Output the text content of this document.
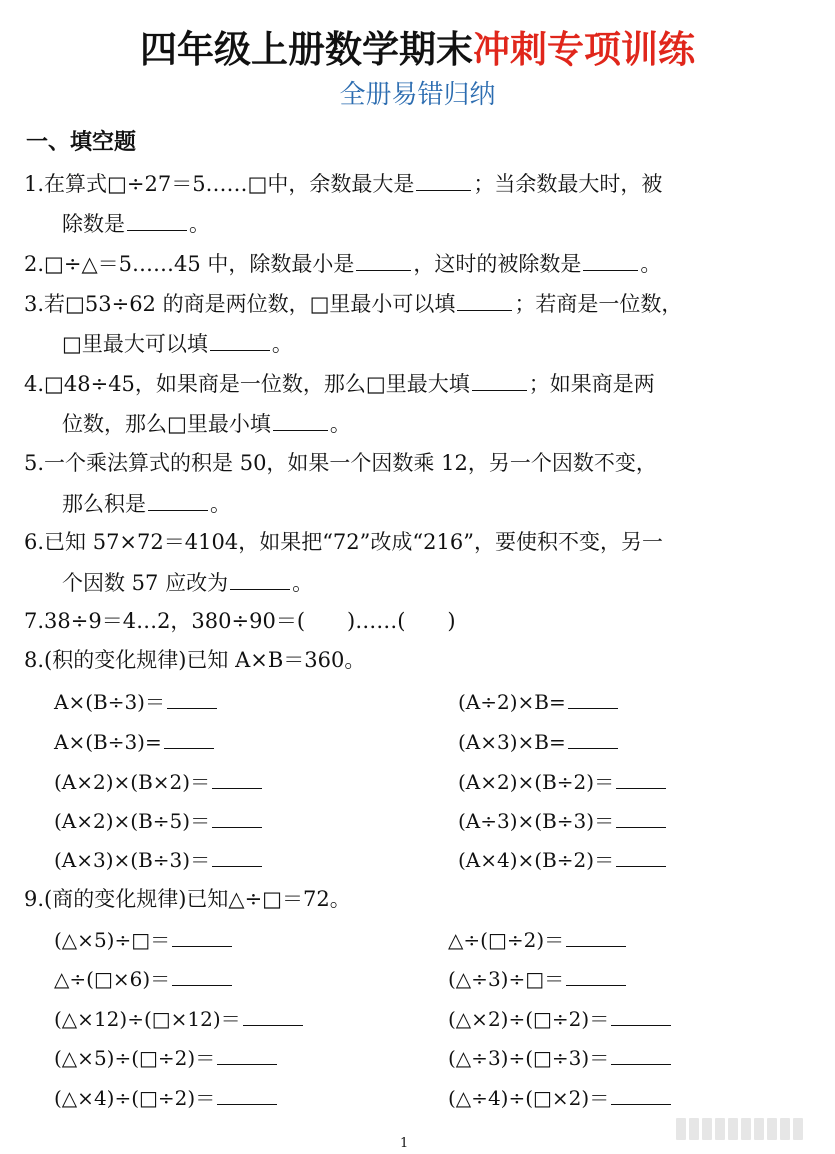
四年级上册数学期末冲刺专项训练
全册易错归纳
一、填空题
1.在算式□÷27＝5……□中，余数最大是	；当余数最大时，被
除数是	。
2.□÷△＝5……45 中，除数最小是	，这时的被除数是	。
3.若□53÷62 的商是两位数，□里最小可以填	；若商是一位数，
□里最大可以填	。
4.□48÷45，如果商是一位数，那么□里最大填	；如果商是两
位数，那么□里最小填	。
5.一个乘法算式的积是 50，如果一个因数乘 12，另一个因数不变，
那么积是	。
6.已知 57×72＝4104，如果把“72”改成“216”，要使积不变，另一
个因数 57 应改为	。
7.38÷9＝4…2，380÷90＝(　　)……(　　)
8.(积的变化规律)已知 A×B＝360。
A×(B÷3)＝	(A÷2)×B=
A×(B÷3)=	(A×3)×B=
(A×2)×(B×2)＝	(A×2)×(B÷2)＝
(A×2)×(B÷5)＝	(A÷3)×(B÷3)＝
(A×3)×(B÷3)＝	(A×4)×(B÷2)＝
9.(商的变化规律)已知△÷□＝72。
(△×5)÷□＝	△÷(□÷2)＝
△÷(□×6)＝	(△÷3)÷□＝
(△×12)÷(□×12)＝	(△×2)÷(□÷2)＝
(△×5)÷(□÷2)＝	(△÷3)÷(□÷3)＝
(△×4)÷(□÷2)＝	(△÷4)÷(□×2)＝
1
